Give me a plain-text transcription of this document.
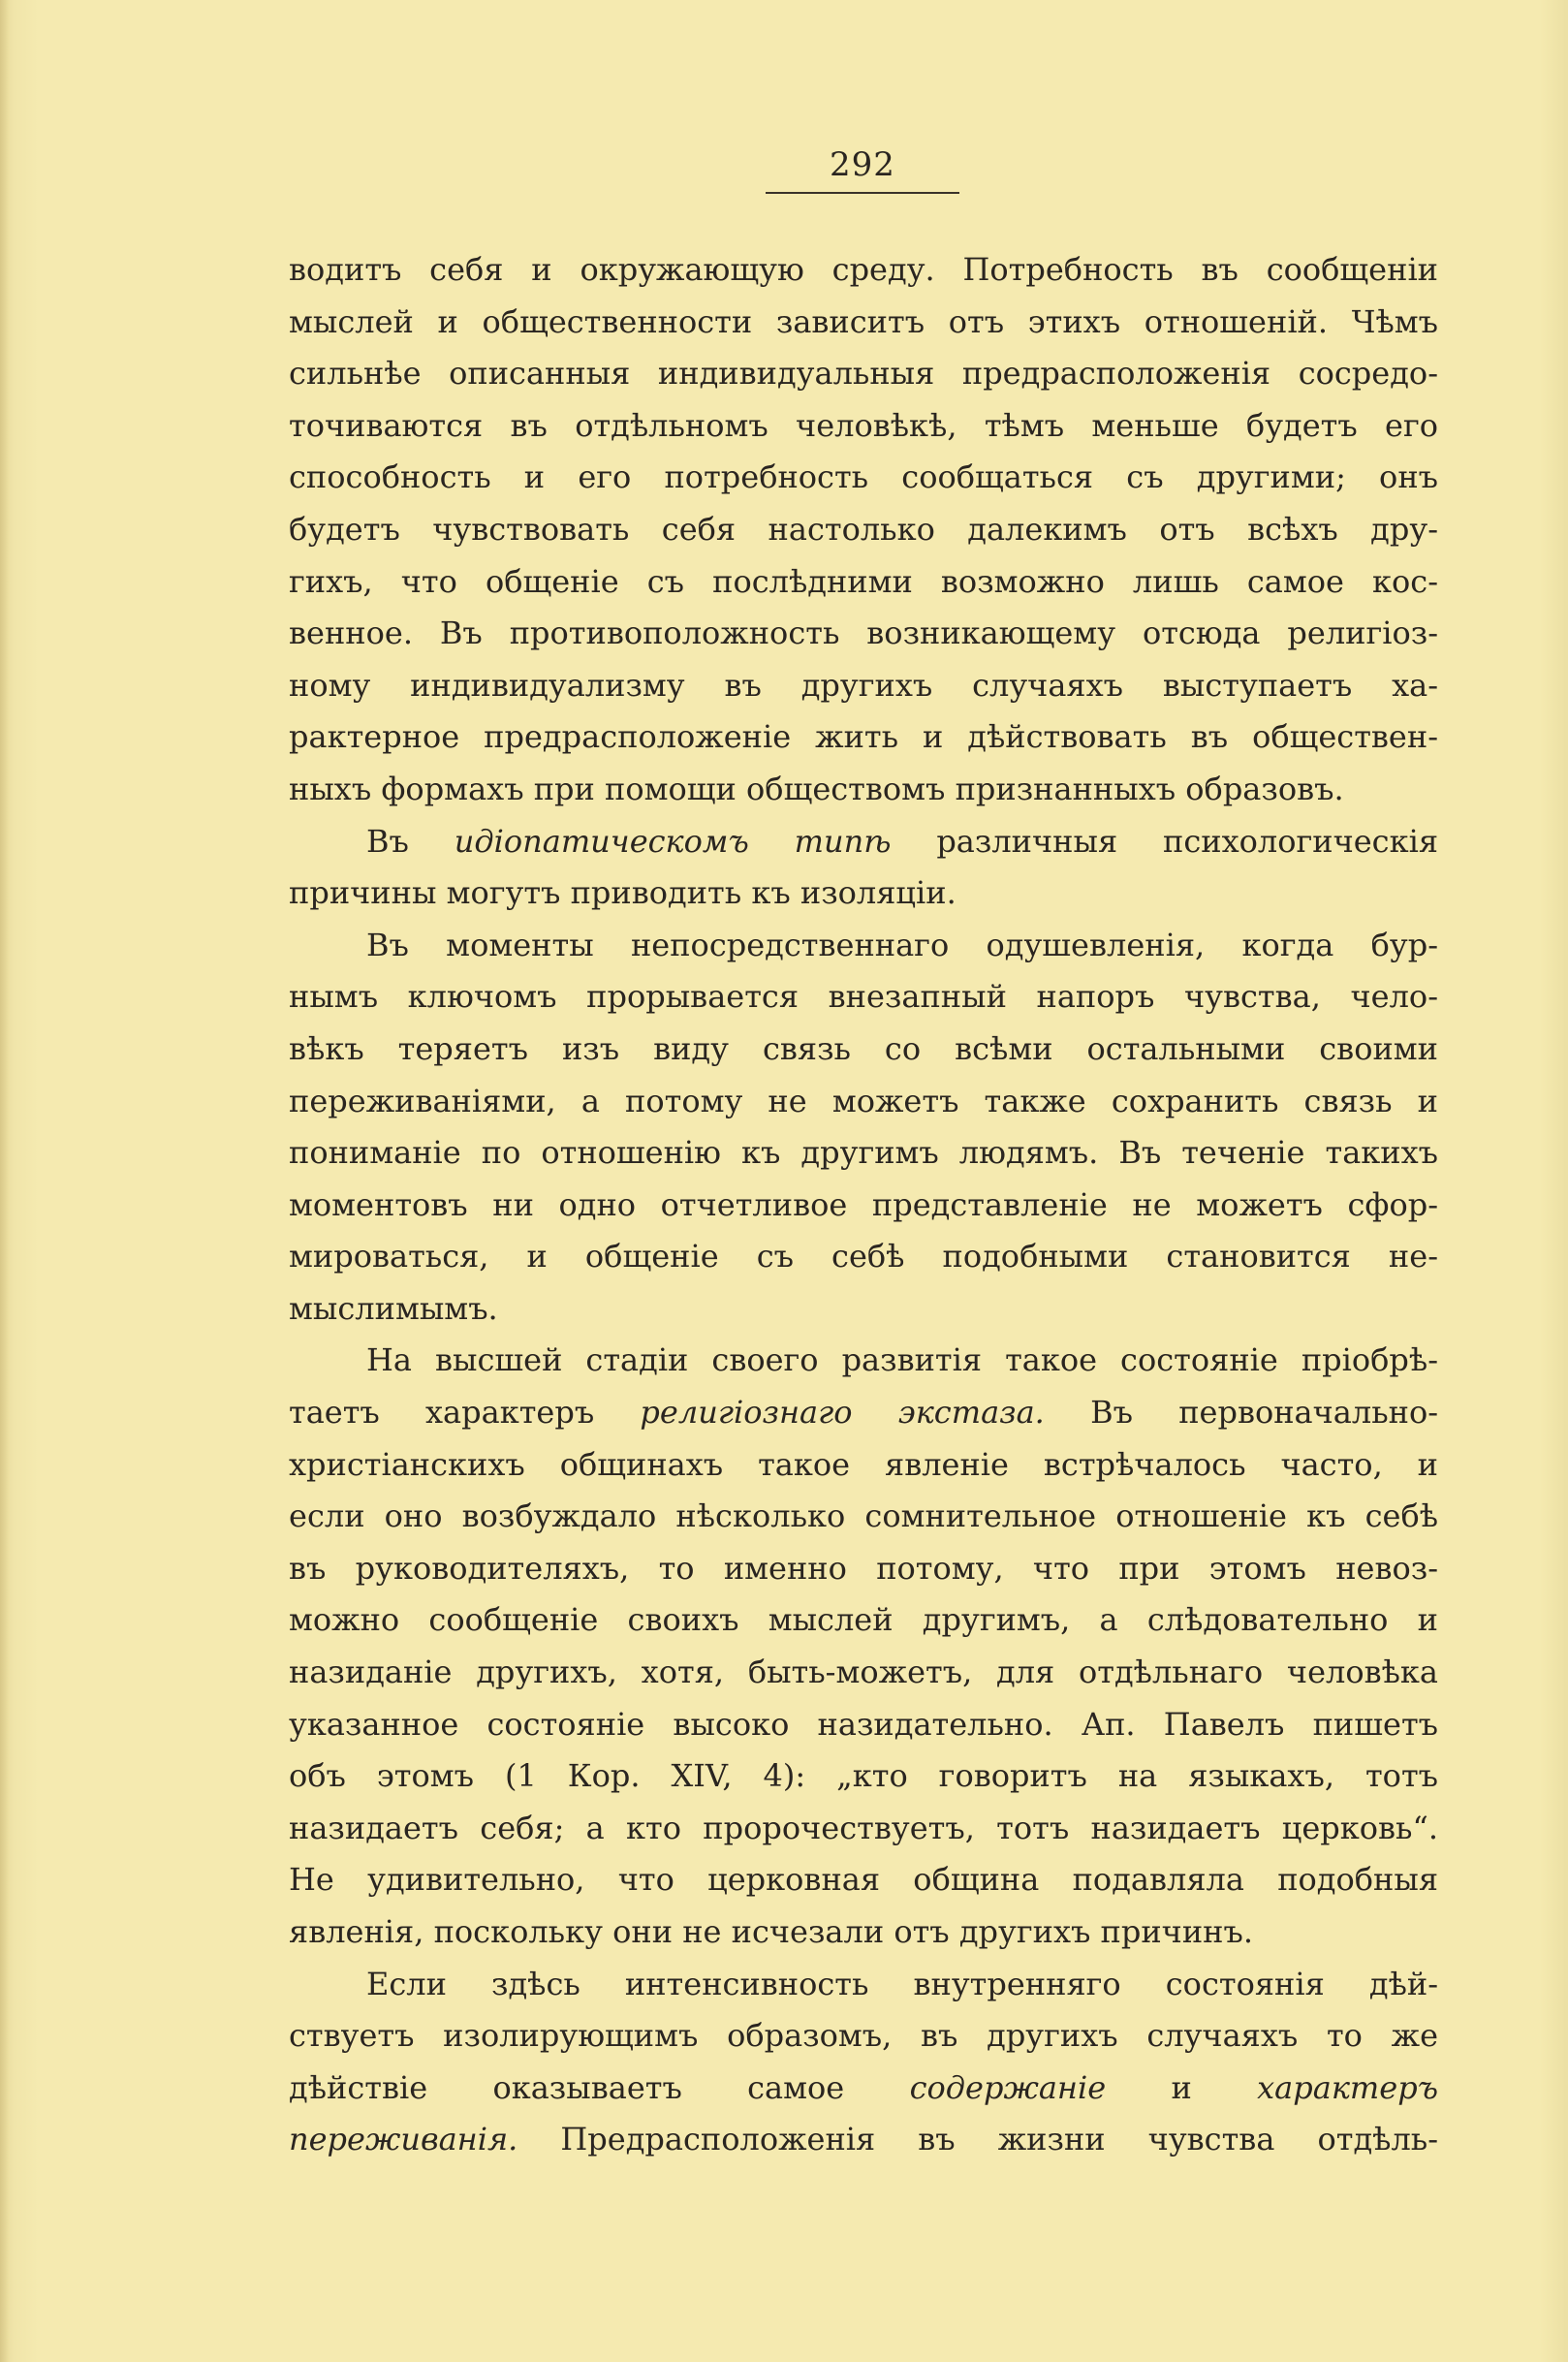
292
водитъ себя и окружающую среду. Потребность въ сообщеніи
мыслей и общественности зависитъ отъ этихъ отношеній. Чѣмъ
сильнѣе описанныя индивидуальныя предрасположенія сосредо-
точиваются въ отдѣльномъ человѣкѣ, тѣмъ меньше будетъ его
способность и его потребность сообщаться съ другими; онъ
будетъ чувствовать себя настолько далекимъ отъ всѣхъ дру-
гихъ, что общеніе съ послѣдними возможно лишь самое кос-
венное. Въ противоположность возникающему отсюда религіоз-
ному индивидуализму въ другихъ случаяхъ выступаетъ ха-
рактерное предрасположеніе жить и дѣйствовать въ обществен-
ныхъ формахъ при помощи обществомъ признанныхъ образовъ.
Въ идіопатическомъ типѣ различныя психологическія
причины могутъ приводить къ изоляціи.
Въ моменты непосредственнаго одушевленія, когда бур-
нымъ ключомъ прорывается внезапный напоръ чувства, чело-
вѣкъ теряетъ изъ виду связь со всѣми остальными своими
переживаніями, а потому не можетъ также сохранить связь и
пониманіе по отношенію къ другимъ людямъ. Въ теченіе такихъ
моментовъ ни одно отчетливое представленіе не можетъ сфор-
мироваться, и общеніе съ себѣ подобными становится не-
мыслимымъ.
На высшей стадіи своего развитія такое состояніе пріобрѣ-
таетъ характеръ религіознаго экстаза. Въ первоначально-
христіанскихъ общинахъ такое явленіе встрѣчалось часто, и
если оно возбуждало нѣсколько сомнительное отношеніе къ себѣ
въ руководителяхъ, то именно потому, что при этомъ невоз-
можно сообщеніе своихъ мыслей другимъ, а слѣдовательно и
назиданіе другихъ, хотя, быть-можетъ, для отдѣльнаго человѣка
указанное состояніе высоко назидательно. Ап. Павелъ пишетъ
объ этомъ (1 Кор. XIV, 4): „кто говоритъ на языкахъ, тотъ
назидаетъ себя; а кто пророчествуетъ, тотъ назидаетъ церковь“.
Не удивительно, что церковная община подавляла подобныя
явленія, поскольку они не исчезали отъ другихъ причинъ.
Если здѣсь интенсивность внутренняго состоянія дѣй-
ствуетъ изолирующимъ образомъ, въ другихъ случаяхъ то же
дѣйствіе оказываетъ самое содержаніе и характеръ
переживанія. Предрасположенія въ жизни чувства отдѣль-
